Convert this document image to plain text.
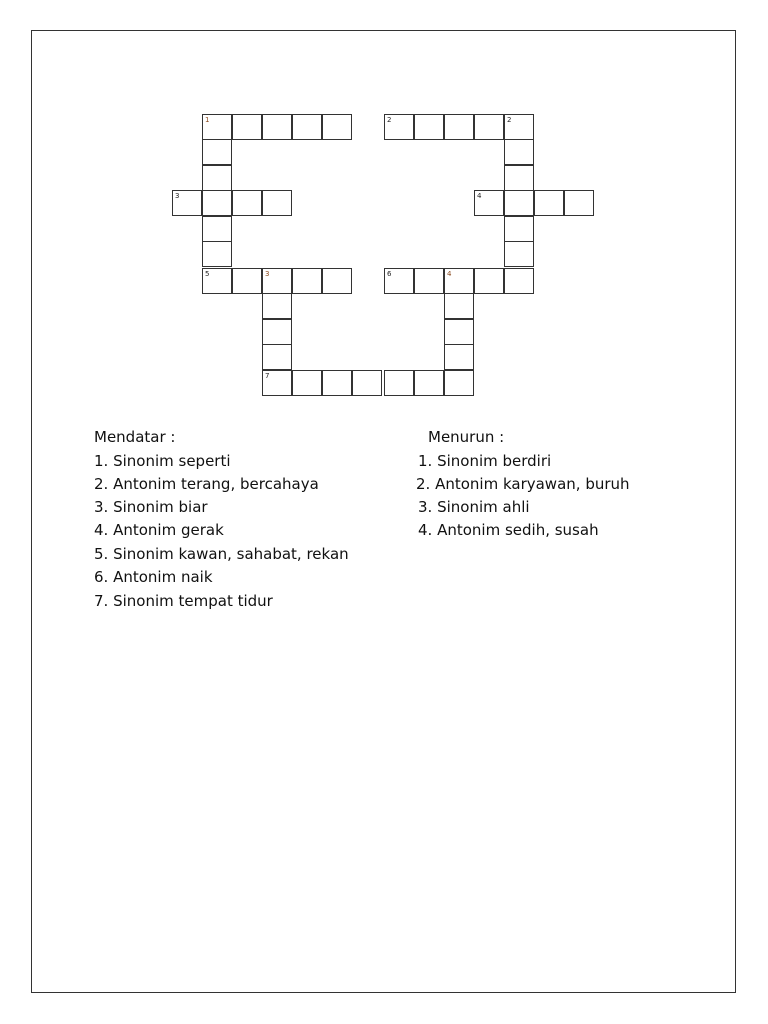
1	2	2
3	4
5	3	6	4
7
Mendatar :
1. Sinonim seperti
2. Antonim terang, bercahaya
3. Sinonim biar
4. Antonim gerak
5. Sinonim kawan, sahabat, rekan
6. Antonim naik
7. Sinonim tempat tidur
Menurun :
1. Sinonim berdiri
2. Antonim karyawan, buruh
3. Sinonim ahli
4. Antonim sedih, susah
